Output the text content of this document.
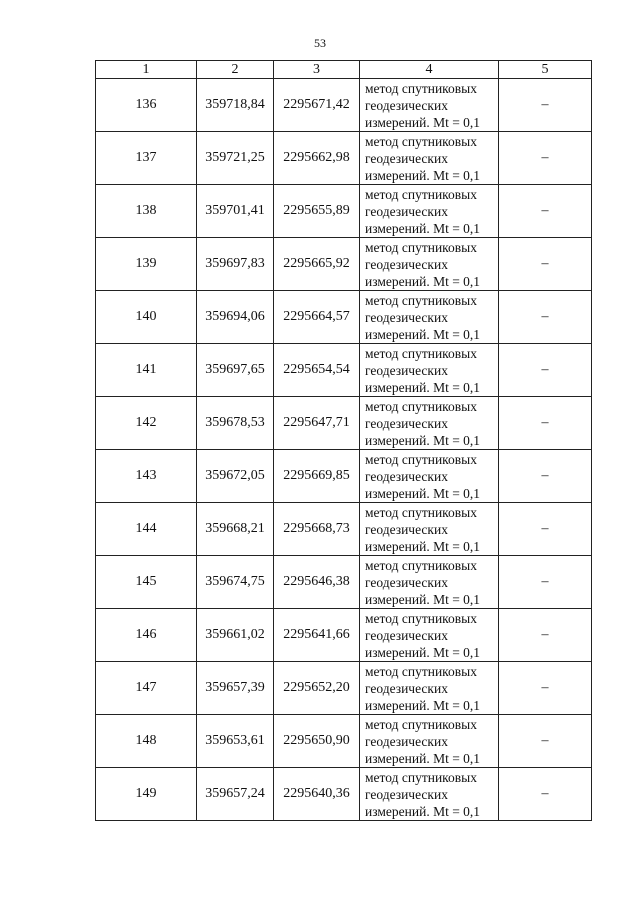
53
1	2	3	4	5
136	359718,84	2295671,42	метод спутниковых
геодезических
измерений. Mt = 0,1	–
137	359721,25	2295662,98	метод спутниковых
геодезических
измерений. Mt = 0,1	–
138	359701,41	2295655,89	метод спутниковых
геодезических
измерений. Mt = 0,1	–
139	359697,83	2295665,92	метод спутниковых
геодезических
измерений. Mt = 0,1	–
140	359694,06	2295664,57	метод спутниковых
геодезических
измерений. Mt = 0,1	–
141	359697,65	2295654,54	метод спутниковых
геодезических
измерений. Mt = 0,1	–
142	359678,53	2295647,71	метод спутниковых
геодезических
измерений. Mt = 0,1	–
143	359672,05	2295669,85	метод спутниковых
геодезических
измерений. Mt = 0,1	–
144	359668,21	2295668,73	метод спутниковых
геодезических
измерений. Mt = 0,1	–
145	359674,75	2295646,38	метод спутниковых
геодезических
измерений. Mt = 0,1	–
146	359661,02	2295641,66	метод спутниковых
геодезических
измерений. Mt = 0,1	–
147	359657,39	2295652,20	метод спутниковых
геодезических
измерений. Mt = 0,1	–
148	359653,61	2295650,90	метод спутниковых
геодезических
измерений. Mt = 0,1	–
149	359657,24	2295640,36	метод спутниковых
геодезических
измерений. Mt = 0,1	–
